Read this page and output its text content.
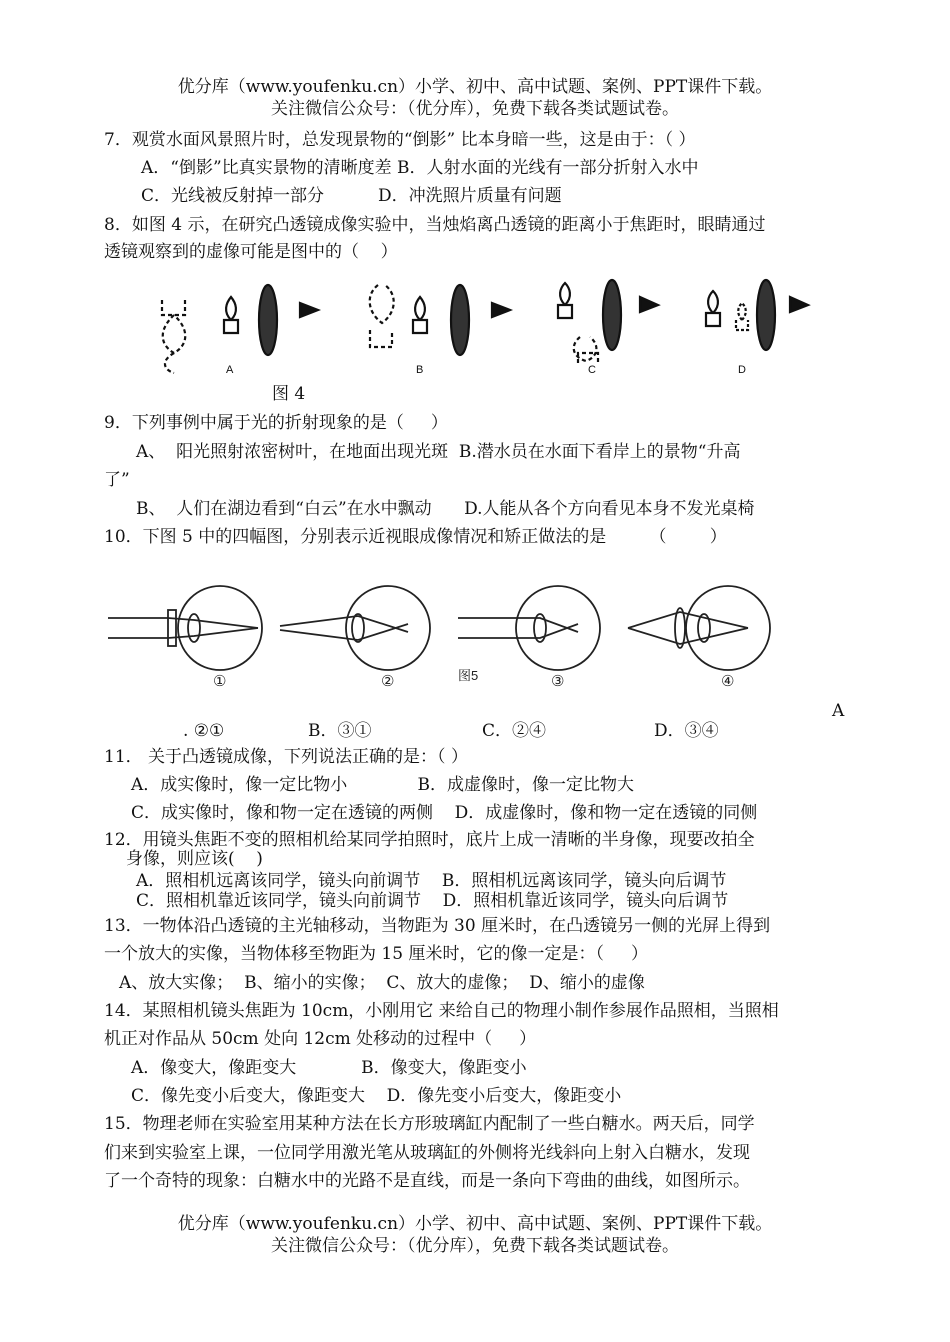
优分库（www.youfenku.cn）小学、初中、高中试题、案例、PPT课件下载。
关注微信公众号：（优分库），免费下载各类试题试卷。
7．观赏水面风景照片时，总发现景物的“倒影” 比本身暗一些，这是由于：（ ）
A．“倒影”比真实景物的清晰度差 B．人射水面的光线有一部分折射入水中
C．光线被反射掉一部分          D．冲洗照片质量有问题
8．如图 4 示，在研究凸透镜成像实验中，当烛焰离凸透镜的距离小于焦距时，眼睛通过
透镜观察到的虚像可能是图中的（    ）
A	B	C	D
图 4
9．下列事例中属于光的折射现象的是（     ）
A、  阳光照射浓密树叶，在地面出现光斑  B.潜水员在水面下看岸上的景物“升高
了”
B、  人们在湖边看到“白云”在水中飘动      D.人能从各个方向看见本身不发光桌椅
10．下图 5 中的四幅图，分别表示近视眼成像情况和矫正做法的是        （        ）
①	②	图5	③	④
A
. ②①	B．③①	C．②④	D．③④
11． 关于凸透镜成像，下列说法正确的是：（ ）
A．成实像时，像一定比物小             B．成虚像时，像一定比物大
C．成实像时，像和物一定在透镜的两侧    D．成虚像时，像和物一定在透镜的同侧
12．用镜头焦距不变的照相机给某同学拍照时，底片上成一清晰的半身像，现要改拍全
身像，则应该(    )
A．照相机远离该同学，镜头向前调节    B．照相机远离该同学，镜头向后调节
C．照相机靠近该同学，镜头向前调节    D．照相机靠近该同学，镜头向后调节
13．一物体沿凸透镜的主光轴移动，当物距为 30 厘米时，在凸透镜另一侧的光屏上得到
一个放大的实像，当物体移至物距为 15 厘米时，它的像一定是：（     ）
A、放大实像；  B、缩小的实像；  C、放大的虚像；  D、缩小的虚像
14．某照相机镜头焦距为 10cm，小刚用它 来给自己的物理小制作参展作品照相，当照相
机正对作品从 50cm 处向 12cm 处移动的过程中（     ）
A．像变大，像距变大            B．像变大，像距变小
C．像先变小后变大，像距变大    D．像先变小后变大，像距变小
15．物理老师在实验室用某种方法在长方形玻璃缸内配制了一些白糖水。两天后，同学
们来到实验室上课，一位同学用激光笔从玻璃缸的外侧将光线斜向上射入白糖水，发现
了一个奇特的现象：白糖水中的光路不是直线，而是一条向下弯曲的曲线，如图所示。
优分库（www.youfenku.cn）小学、初中、高中试题、案例、PPT课件下载。
关注微信公众号：（优分库），免费下载各类试题试卷。
